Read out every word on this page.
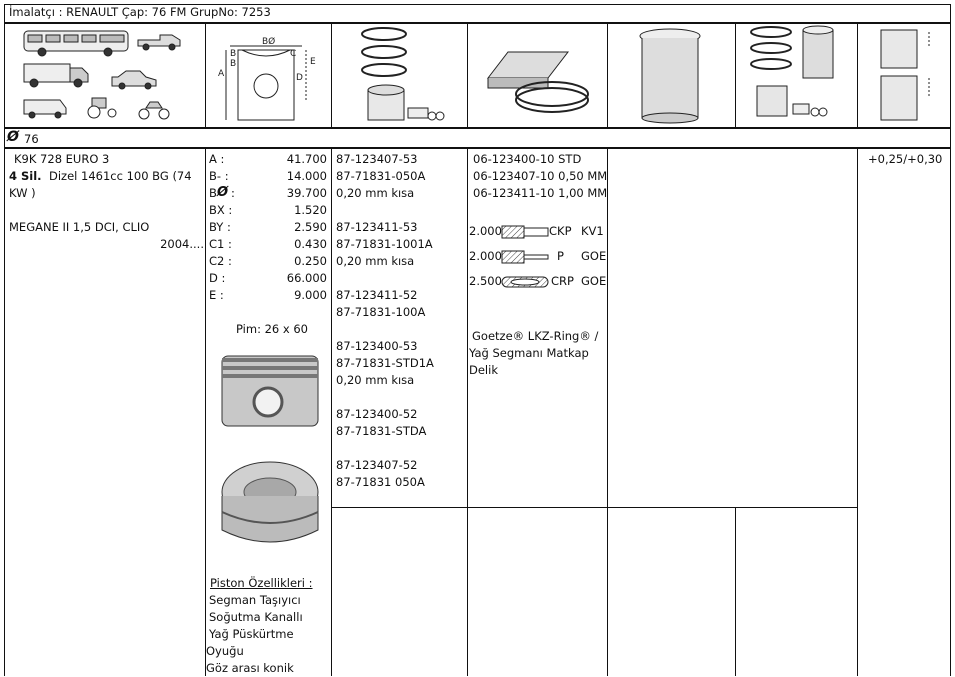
İmalatçı : RENAULT Çap: 76 FM GrupNo: 7253
BØ
B
B
C
E
A	D
Ø 76
K9K 728 EURO 3
4 Sil. Dizel 1461cc 100 BG (74
KW )
MEGANE II 1,5 DCI, CLIO
2004....
A :	41.700
B- :	14.000
B Ø :	39.700
BX :	1.520
BY :	2.590
C1 :	0.430
C2 :	0.250
D :	66.000
E :	9.000
Pim: 26 x 60
Piston Özellikleri :
Segman Taşıyıcı
Soğutma Kanallı
Yağ Püskürtme
Oyuğu
Göz arası konik
87-123407-53
87-71831-050A
0,20 mm kısa
87-123411-53
87-71831-1001A
0,20 mm kısa
87-123411-52
87-71831-100A
87-123400-53
87-71831-STD1A
0,20 mm kısa
87-123400-52
87-71831-STDA
87-123407-52
87-71831 050A
06-123400-10 STD
06-123407-10 0,50 MM
06-123411-10 1,00 MM
2.000	CKP KV1
2.000	P GOE
2.500	CRP GOE
Goetze® LKZ-Ring® /
Yağ Segmanı Matkap
Delik
+0,25/+0,30
